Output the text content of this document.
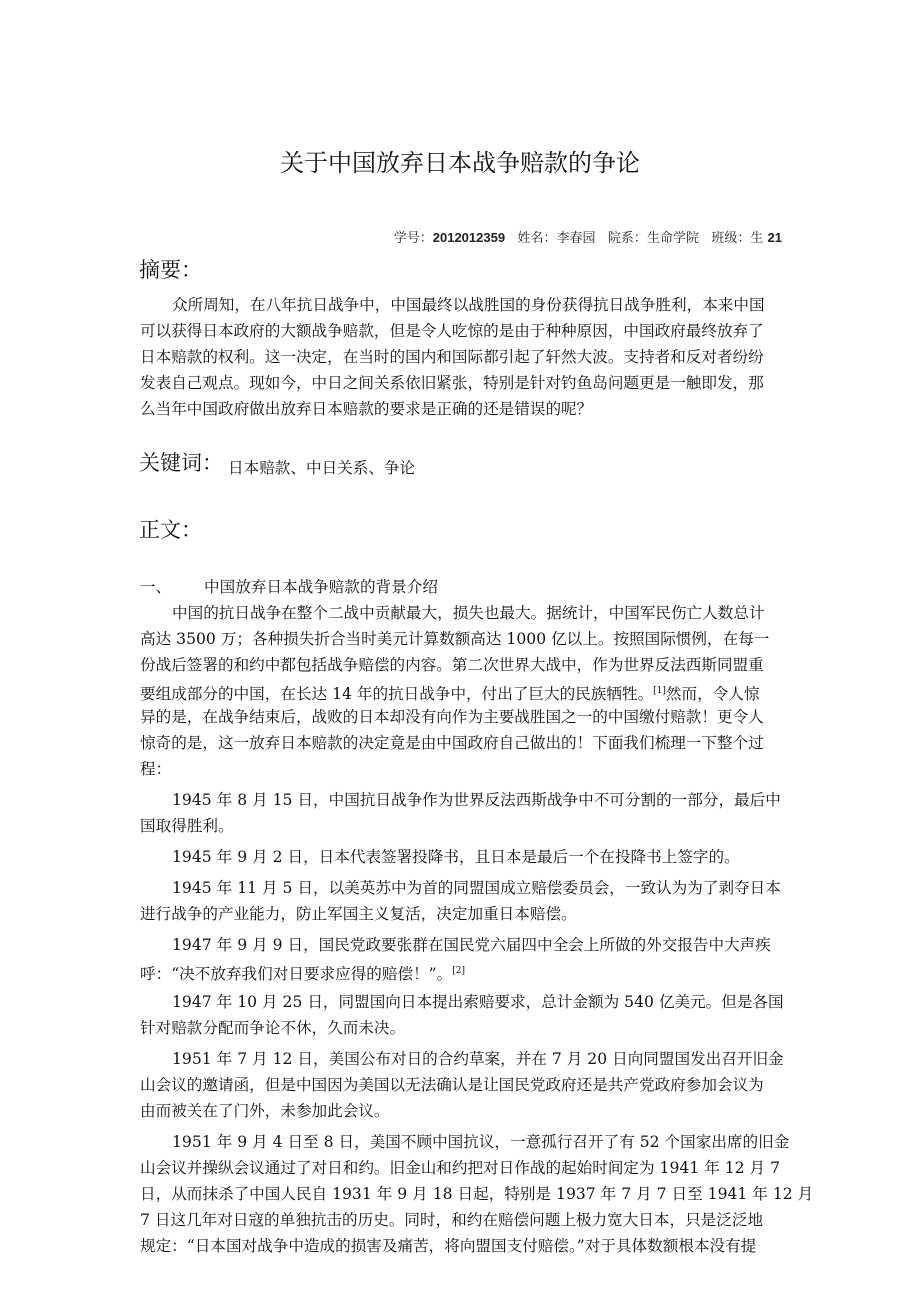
关于中国放弃日本战争赔款的争论
学号：2012012359 姓名：李春园 院系：生命学院 班级：生 21
摘要：
众所周知，在八年抗日战争中，中国最终以战胜国的身份获得抗日战争胜利，本来中国
可以获得日本政府的大额战争赔款，但是令人吃惊的是由于种种原因，中国政府最终放弃了
日本赔款的权利。这一决定，在当时的国内和国际都引起了轩然大波。支持者和反对者纷纷
发表自己观点。现如今，中日之间关系依旧紧张，特别是针对钓鱼岛问题更是一触即发，那
么当年中国政府做出放弃日本赔款的要求是正确的还是错误的呢？
关键词： 日本赔款、中日关系、争论
正文：
一、 中国放弃日本战争赔款的背景介绍
中国的抗日战争在整个二战中贡献最大，损失也最大。据统计，中国军民伤亡人数总计
高达 3500 万；各种损失折合当时美元计算数额高达 1000 亿以上。按照国际惯例，在每一
份战后签署的和约中都包括战争赔偿的内容。第二次世界大战中，作为世界反法西斯同盟重
要组成部分的中国，在长达 14 年的抗日战争中，付出了巨大的民族牺牲。[1]然而，令人惊
异的是，在战争结束后，战败的日本却没有向作为主要战胜国之一的中国缴付赔款！更令人
惊奇的是，这一放弃日本赔款的决定竟是由中国政府自己做出的！下面我们梳理一下整个过
程：
1945 年 8 月 15 日，中国抗日战争作为世界反法西斯战争中不可分割的一部分，最后中
国取得胜利。
1945 年 9 月 2 日，日本代表签署投降书，且日本是最后一个在投降书上签字的。
1945 年 11 月 5 日，以美英苏中为首的同盟国成立赔偿委员会，一致认为为了剥夺日本
进行战争的产业能力，防止军国主义复活，决定加重日本赔偿。
1947 年 9 月 9 日，国民党政要张群在国民党六届四中全会上所做的外交报告中大声疾
呼：“决不放弃我们对日要求应得的赔偿！”。[2]
1947 年 10 月 25 日，同盟国向日本提出索赔要求，总计金额为 540 亿美元。但是各国
针对赔款分配而争论不休，久而未决。
1951 年 7 月 12 日，美国公布对日的合约草案，并在 7 月 20 日向同盟国发出召开旧金
山会议的邀请函，但是中国因为美国以无法确认是让国民党政府还是共产党政府参加会议为
由而被关在了门外，未参加此会议。
1951 年 9 月 4 日至 8 日，美国不顾中国抗议，一意孤行召开了有 52 个国家出席的旧金
山会议并操纵会议通过了对日和约。旧金山和约把对日作战的起始时间定为 1941 年 12 月 7
日，从而抹杀了中国人民自 1931 年 9 月 18 日起，特别是 1937 年 7 月 7 日至 1941 年 12 月
7 日这几年对日寇的单独抗击的历史。同时，和约在赔偿问题上极力宽大日本，只是泛泛地
规定：“日本国对战争中造成的损害及痛苦，将向盟国支付赔偿。”对于具体数额根本没有提
